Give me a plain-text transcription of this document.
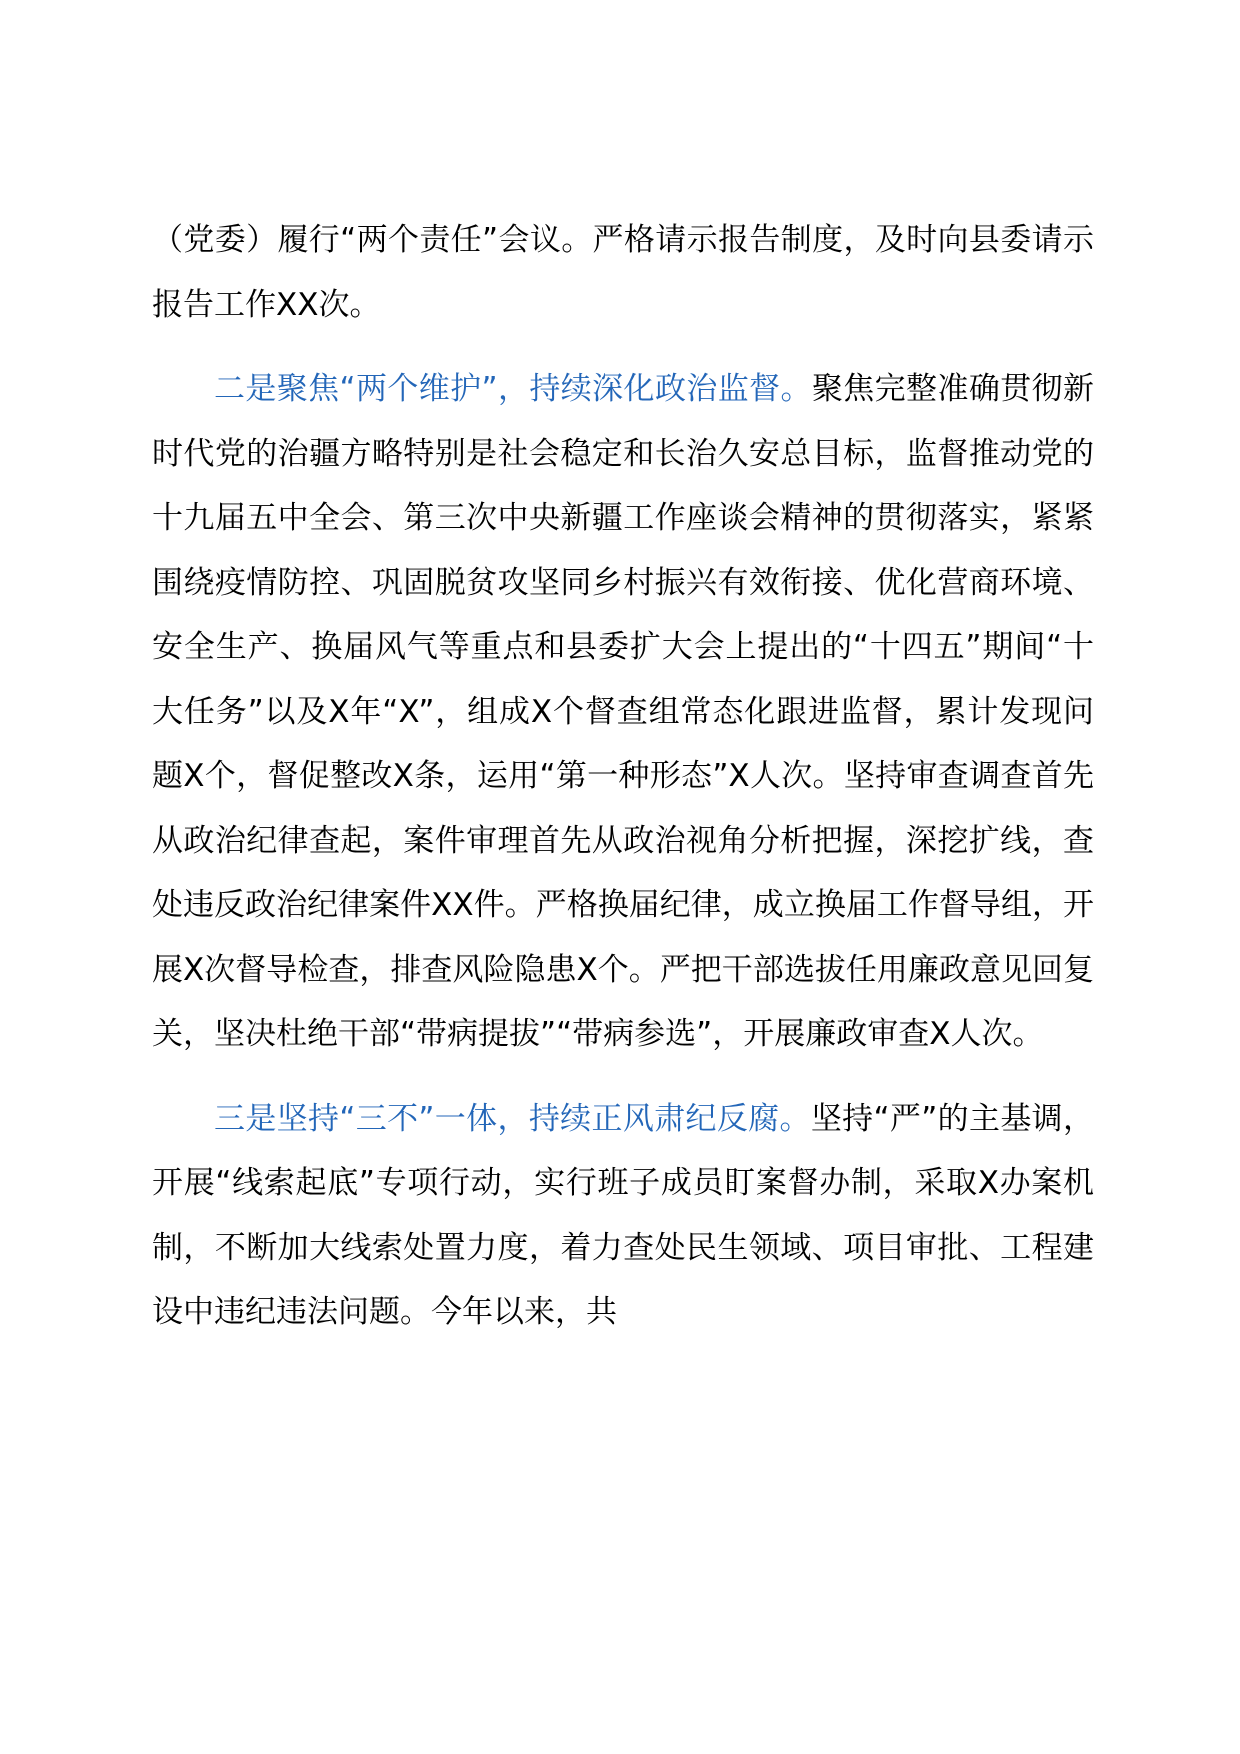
（党委）履行“两个责任”会议。严格请示报告制度，及时向县委请示报告工作XX次。

二是聚焦“两个维护”，持续深化政治监督。聚焦完整准确贯彻新时代党的治疆方略特别是社会稳定和长治久安总目标，监督推动党的十九届五中全会、第三次中央新疆工作座谈会精神的贯彻落实，紧紧围绕疫情防控、巩固脱贫攻坚同乡村振兴有效衔接、优化营商环境、安全生产、换届风气等重点和县委扩大会上提出的“十四五”期间“十大任务”以及X年“X”，组成X个督查组常态化跟进监督，累计发现问题X个，督促整改X条，运用“第一种形态”X人次。坚持审查调查首先从政治纪律查起，案件审理首先从政治视角分析把握，深挖扩线，查处违反政治纪律案件XX件。严格换届纪律，成立换届工作督导组，开展X次督导检查，排查风险隐患X个。严把干部选拔任用廉政意见回复关，坚决杜绝干部“带病提拔”“带病参选”，开展廉政审查X人次。

三是坚持“三不”一体，持续正风肃纪反腐。坚持“严”的主基调，开展“线索起底”专项行动，实行班子成员盯案督办制，采取X办案机制，不断加大线索处置力度，着力查处民生领域、项目审批、工程建设中违纪违法问题。今年以来，共
